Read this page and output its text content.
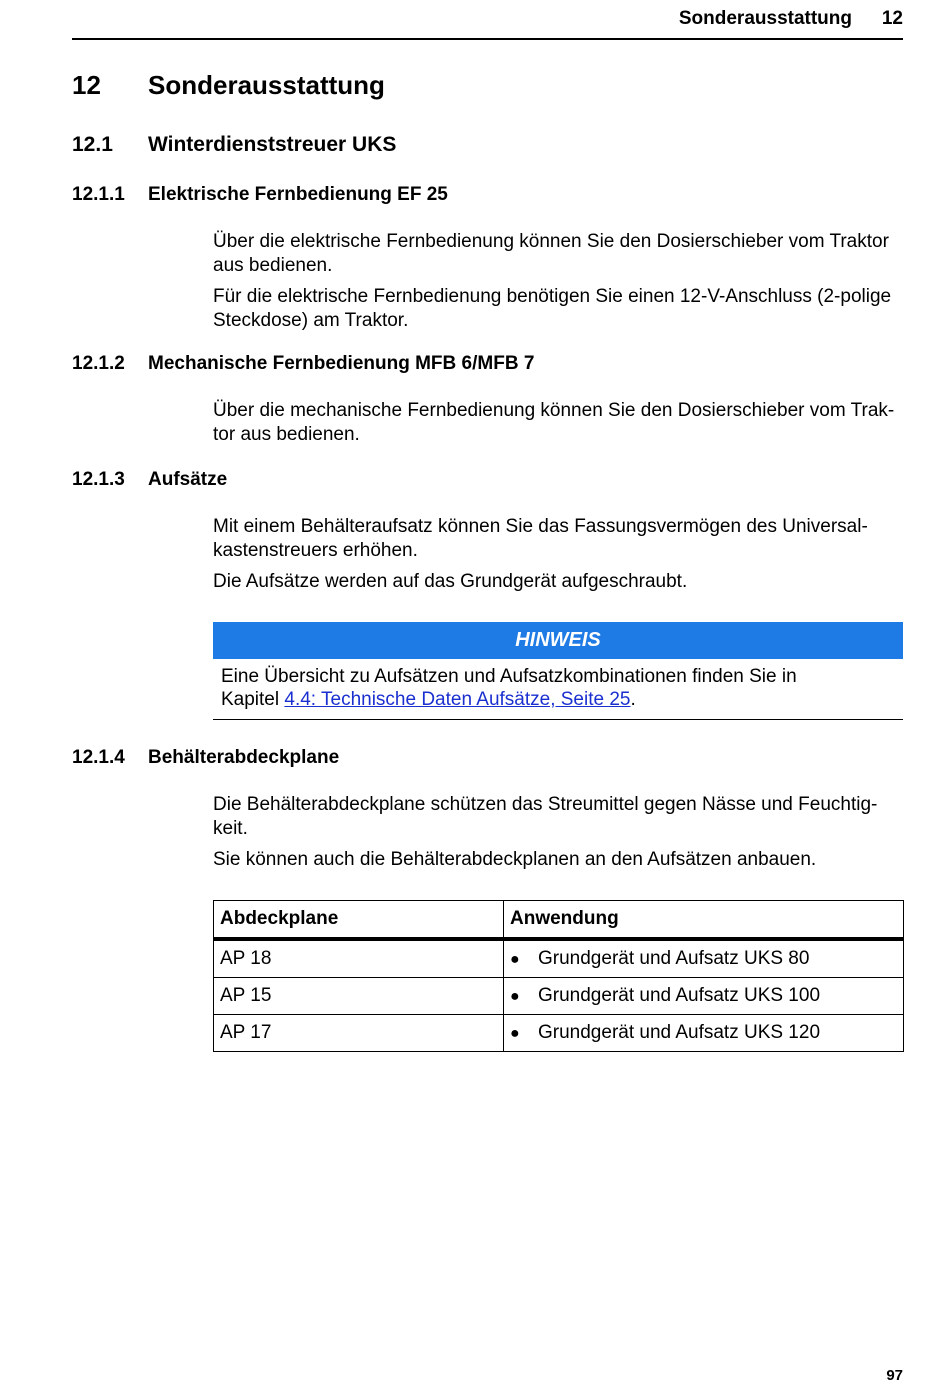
Sonderausstattung 12
12 Sonderausstattung
12.1 Winterdienststreuer UKS
12.1.1 Elektrische Fernbedienung EF 25
Über die elektrische Fernbedienung können Sie den Dosierschieber vom Traktor
aus bedienen.
Für die elektrische Fernbedienung benötigen Sie einen 12-V-Anschluss (2-polige
Steckdose) am Traktor.
12.1.2 Mechanische Fernbedienung MFB 6/MFB 7
Über die mechanische Fernbedienung können Sie den Dosierschieber vom Trak-
tor aus bedienen.
12.1.3 Aufsätze
Mit einem Behälteraufsatz können Sie das Fassungsvermögen des Universal-
kastenstreuers erhöhen.
Die Aufsätze werden auf das Grundgerät aufgeschraubt.
HINWEIS
Eine Übersicht zu Aufsätzen und Aufsatzkombinationen finden Sie in
Kapitel 4.4: Technische Daten Aufsätze, Seite 25.
12.1.4 Behälterabdeckplane
Die Behälterabdeckplane schützen das Streumittel gegen Nässe und Feuchtig-
keit.
Sie können auch die Behälterabdeckplanen an den Aufsätzen anbauen.
Abdeckplane	Anwendung
AP 18	● Grundgerät und Aufsatz UKS 80
AP 15	● Grundgerät und Aufsatz UKS 100
AP 17	● Grundgerät und Aufsatz UKS 120
97
